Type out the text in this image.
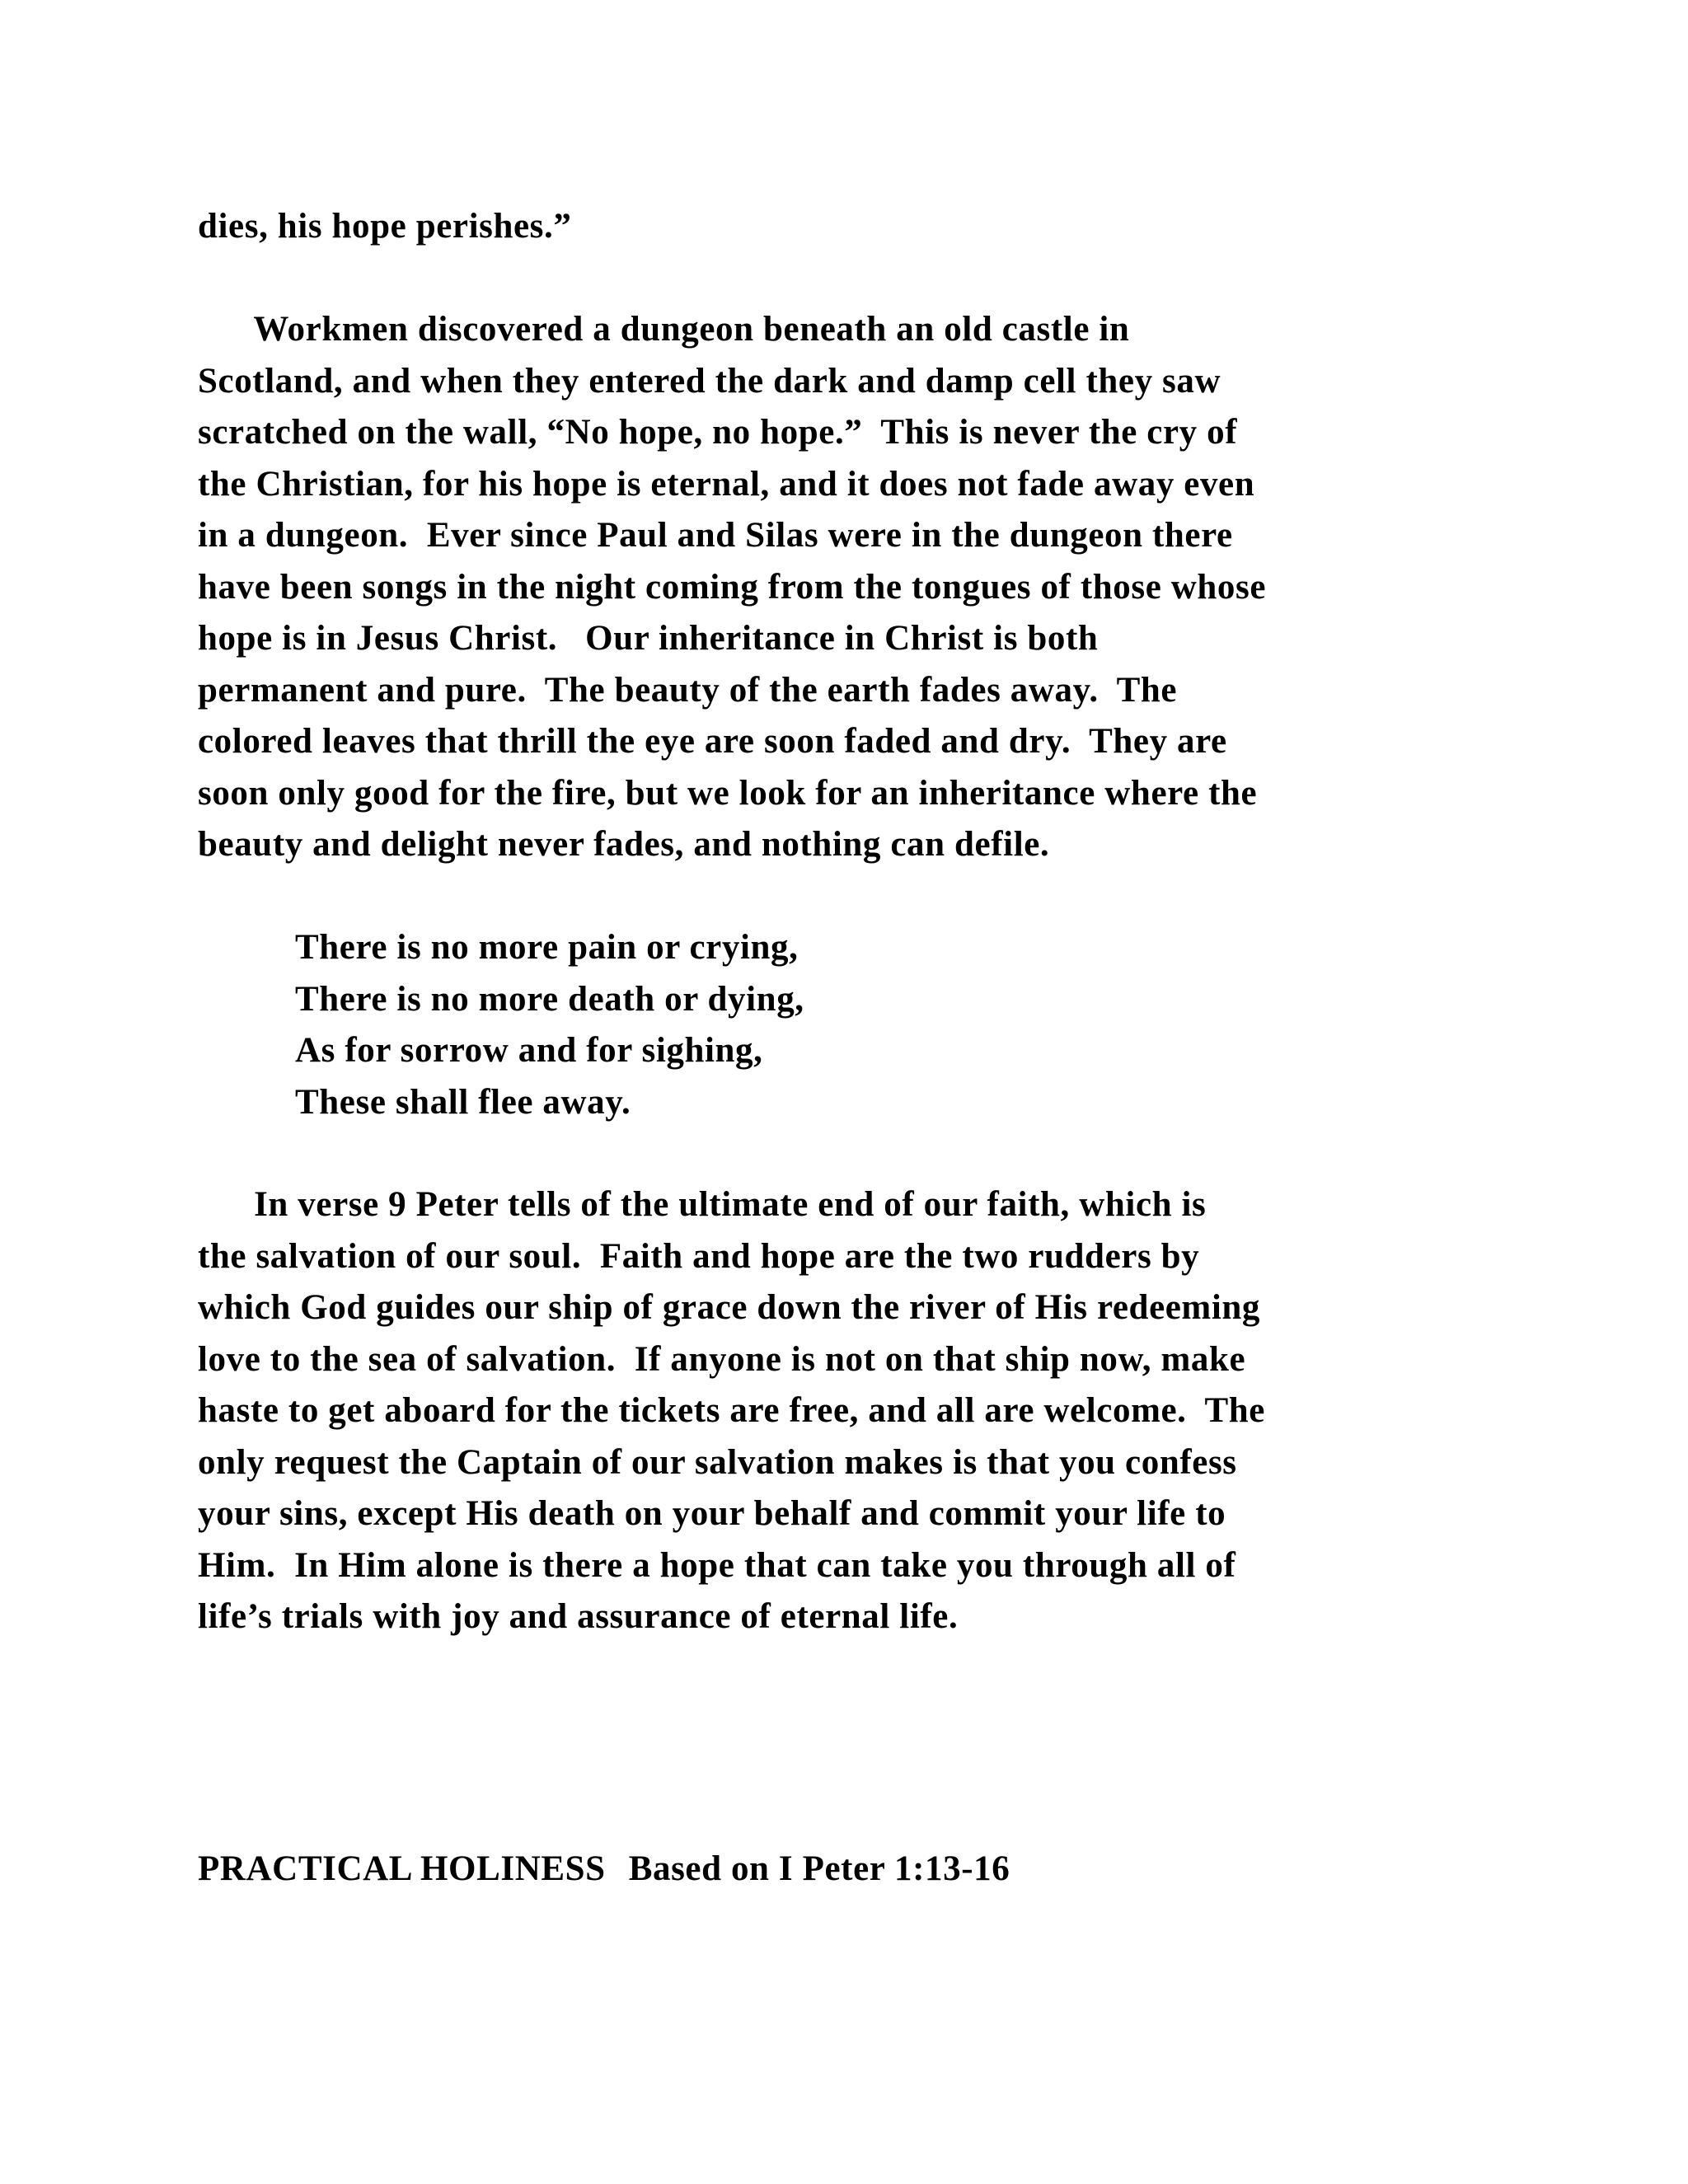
dies, his hope perishes.”
Workmen discovered a dungeon beneath an old castle in
Scotland, and when they entered the dark and damp cell they saw
scratched on the wall, “No hope, no hope.”  This is never the cry of
the Christian, for his hope is eternal, and it does not fade away even
in a dungeon.  Ever since Paul and Silas were in the dungeon there
have been songs in the night coming from the tongues of those whose
hope is in Jesus Christ.   Our inheritance in Christ is both
permanent and pure.  The beauty of the earth fades away.  The
colored leaves that thrill the eye are soon faded and dry.  They are
soon only good for the fire, but we look for an inheritance where the
beauty and delight never fades, and nothing can defile.
There is no more pain or crying,
There is no more death or dying,
As for sorrow and for sighing,
These shall flee away.
In verse 9 Peter tells of the ultimate end of our faith, which is
the salvation of our soul.  Faith and hope are the two rudders by
which God guides our ship of grace down the river of His redeeming
love to the sea of salvation.  If anyone is not on that ship now, make
haste to get aboard for the tickets are free, and all are welcome.  The
only request the Captain of our salvation makes is that you confess
your sins, except His death on your behalf and commit your life to
Him.  In Him alone is there a hope that can take you through all of
life’s trials with joy and assurance of eternal life.
PRACTICAL HOLINESS Based on I Peter 1:13-16
